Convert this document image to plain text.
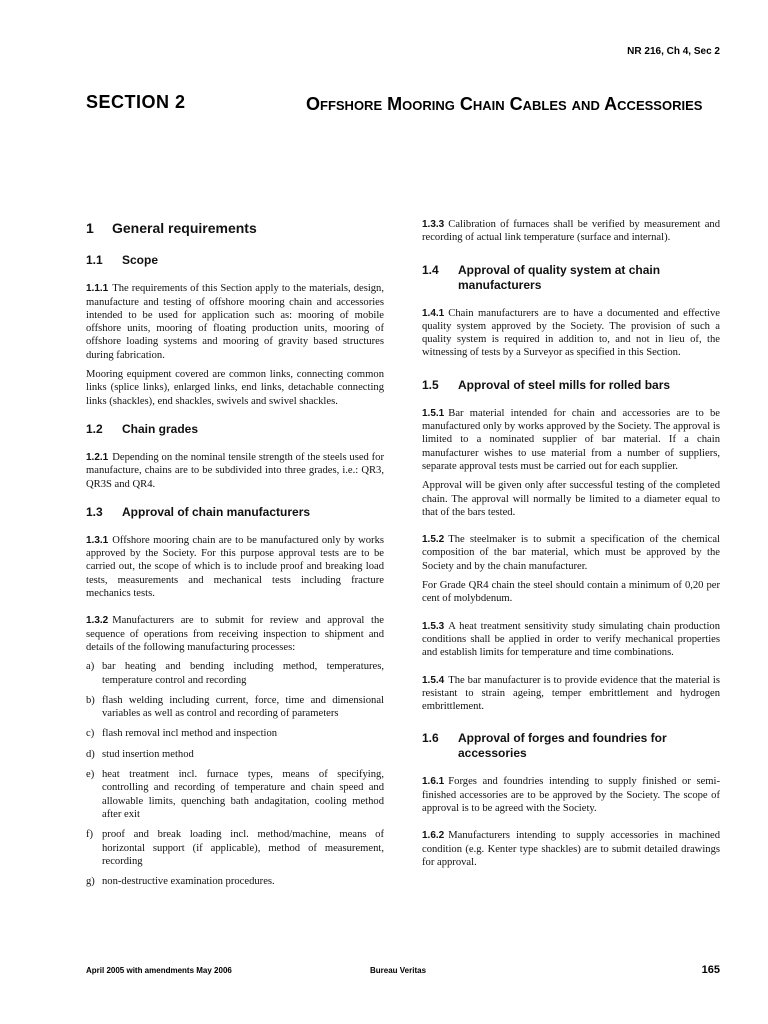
NR 216, Ch 4, Sec 2
SECTION 2	Offshore Mooring Chain Cables and Accessories
1	General requirements
1.1	Scope

1.1.1 The requirements of this Section apply to the materials, design, manufacture and testing of offshore mooring chain and accessories intended to be used for application such as: mooring of mobile offshore units, mooring of floating production units, mooring of offshore loading systems and mooring of gravity based structures during fabrication.

Mooring equipment covered are common links, connecting common links (splice links), enlarged links, end links, detachable connecting links (shackles), end shackles, swivels and swivel shackles.

1.2	Chain grades

1.2.1 Depending on the nominal tensile strength of the steels used for manufacture, chains are to be subdivided into three grades, i.e.: QR3, QR3S and QR4.

1.3	Approval of chain manufacturers

1.3.1 Offshore mooring chain are to be manufactured only by works approved by the Society. For this purpose approval tests are to be carried out, the scope of which is to include proof and breaking load tests, measurements and mechanical tests including fracture mechanics tests.

1.3.2 Manufacturers are to submit for review and approval the sequence of operations from receiving inspection to shipment and details of the following manufacturing processes:

a) bar heating and bending including method, temperatures, temperature control and recording
b) flash welding including current, force, time and dimensional variables as well as control and recording of parameters
c) flash removal incl method and inspection
d) stud insertion method
e) heat treatment incl. furnace types, means of specifying, controlling and recording of temperature and chain speed and allowable limits, quenching bath andagitation, cooling method after exit
f) proof and break loading incl. method/machine, means of horizontal support (if applicable), method of measurement, recording
g) non-destructive examination procedures.

1.3.3 Calibration of furnaces shall be verified by measurement and recording of actual link temperature (surface and internal).

1.4	Approval of quality system at chain manufacturers

1.4.1 Chain manufacturers are to have a documented and effective quality system approved by the Society. The provision of such a quality system is required in addition to, and not in lieu of, the witnessing of tests by a Surveyor as specified in this Section.

1.5	Approval of steel mills for rolled bars

1.5.1 Bar material intended for chain and accessories are to be manufactured only by works approved by the Society. The approval is limited to a nominated supplier of bar material. If a chain manufacturer wishes to use material from a number of suppliers, separate approval tests must be carried out for each supplier.

Approval will be given only after successful testing of the completed chain. The approval will normally be limited to a diameter equal to that of the bars tested.

1.5.2 The steelmaker is to submit a specification of the chemical composition of the bar material, which must be approved by the Society and by the chain manufacturer.

For Grade QR4 chain the steel should contain a minimum of 0,20 per cent of molybdenum.

1.5.3 A heat treatment sensitivity study simulating chain production conditions shall be applied in order to verify mechanical properties and establish limits for temperature and time combinations.

1.5.4 The bar manufacturer is to provide evidence that the material is resistant to strain ageing, temper embrittlement and hydrogen embrittlement.

1.6	Approval of forges and foundries for accessories

1.6.1 Forges and foundries intending to supply finished or semi-finished accessories are to be approved by the Society. The scope of approval is to be agreed with the Society.

1.6.2 Manufacturers intending to supply accessories in machined condition (e.g. Kenter type shackles) are to submit detailed drawings for approval.

April 2005 with amendments May 2006	Bureau Veritas	165
